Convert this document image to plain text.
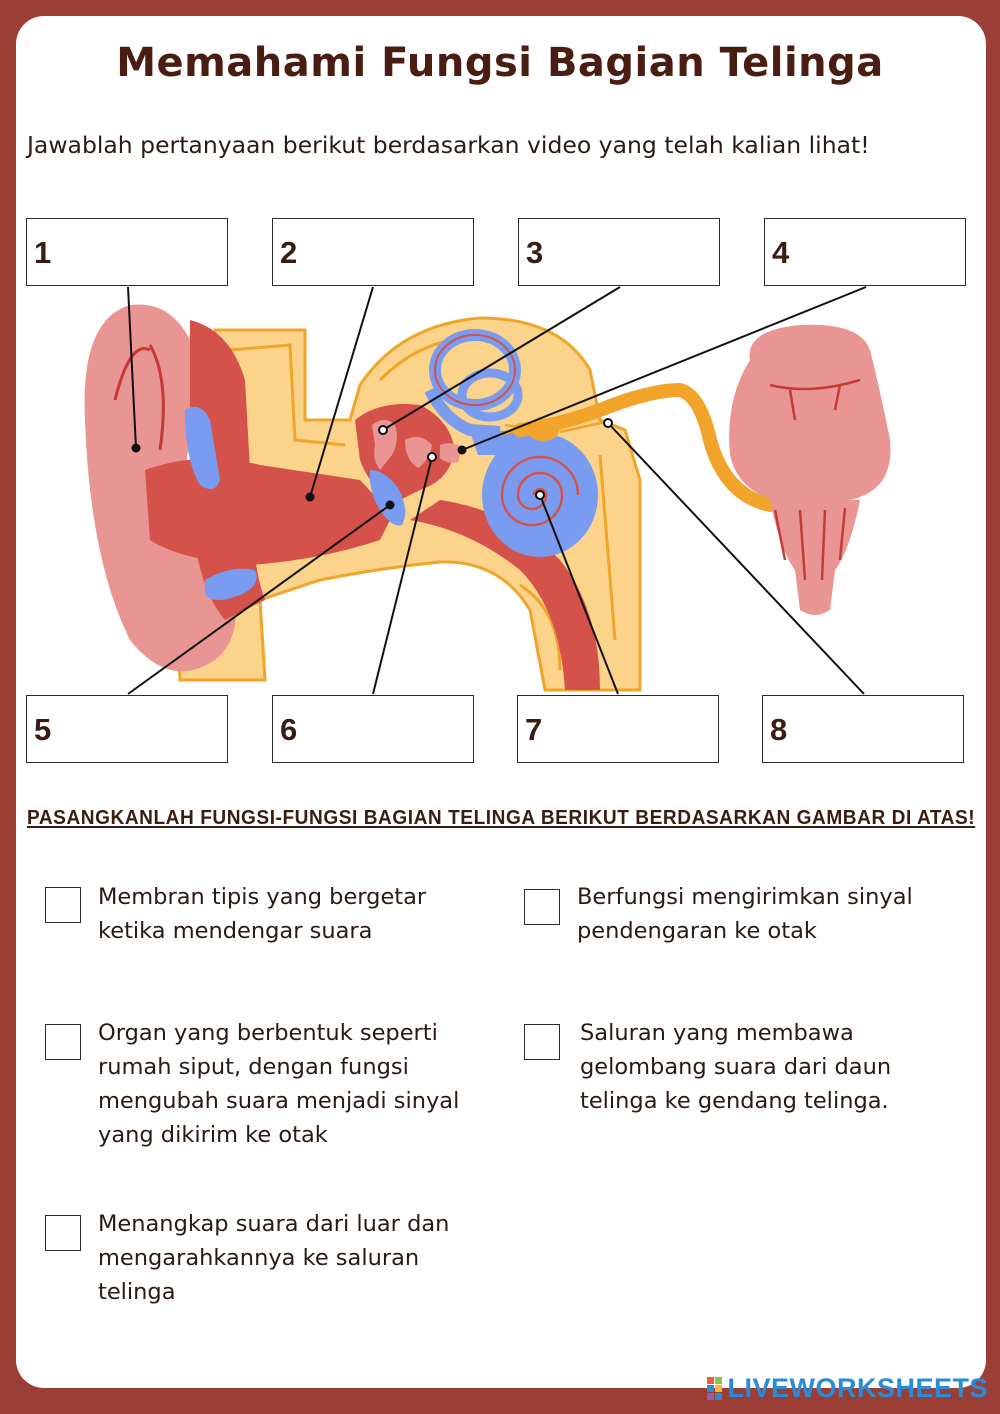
Memahami Fungsi Bagian Telinga
Jawablah pertanyaan berikut berdasarkan video yang telah kalian lihat!
1	2	3	4
5	6	7	8
PASANGKANLAH FUNGSI-FUNGSI BAGIAN TELINGA BERIKUT BERDASARKAN GAMBAR DI ATAS!
Membran tipis yang bergetar ketika mendengar suara
Berfungsi mengirimkan sinyal pendengaran ke otak
Organ yang berbentuk seperti rumah siput, dengan fungsi mengubah suara menjadi sinyal yang dikirim ke otak
Saluran yang membawa gelombang suara dari daun telinga ke gendang telinga.
Menangkap suara dari luar dan mengarahkannya ke saluran telinga
LIVEWORKSHEETS
